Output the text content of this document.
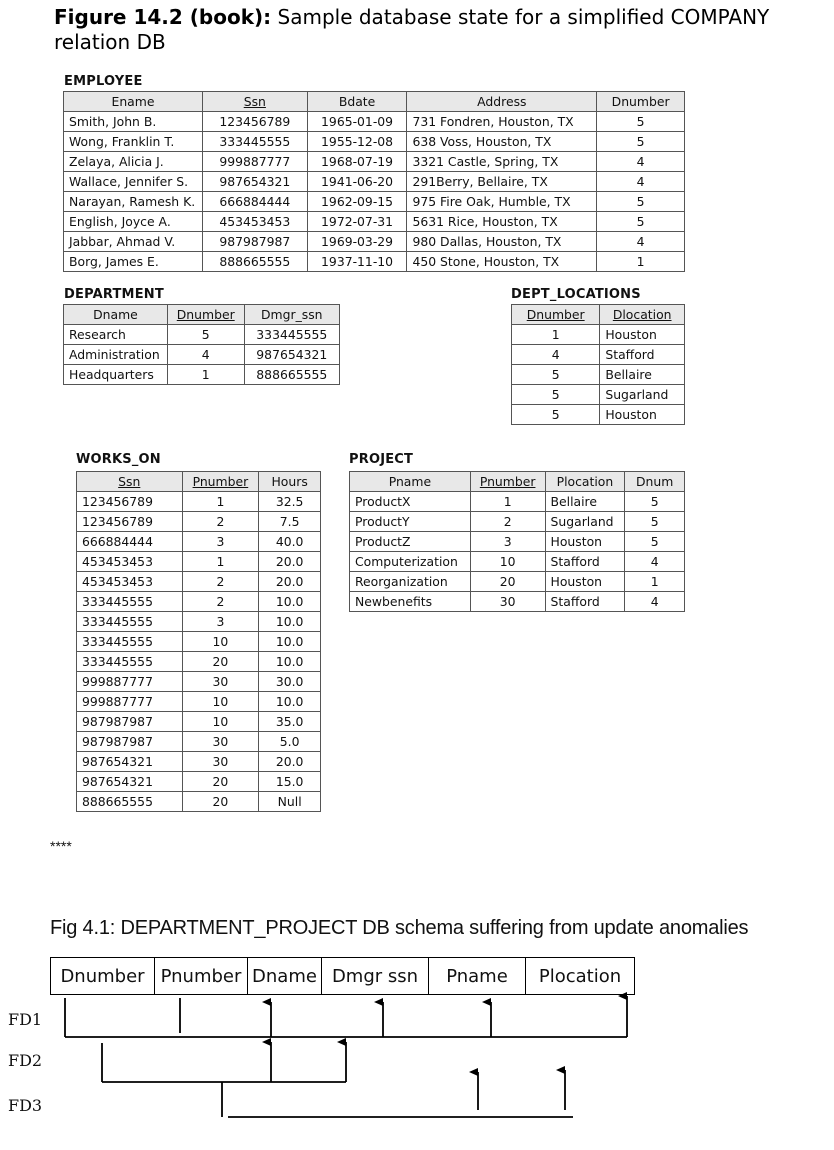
Figure 14.2 (book): Sample database state for a simplified COMPANY relation DB
EMPLOYEE
Ename	Ssn	Bdate	Address	Dnumber
Smith, John B.	123456789	1965-01-09	731 Fondren, Houston, TX	5
Wong, Franklin T.	333445555	1955-12-08	638 Voss, Houston, TX	5
Zelaya, Alicia J.	999887777	1968-07-19	3321 Castle, Spring, TX	4
Wallace, Jennifer S.	987654321	1941-06-20	291Berry, Bellaire, TX	4
Narayan, Ramesh K.	666884444	1962-09-15	975 Fire Oak, Humble, TX	5
English, Joyce A.	453453453	1972-07-31	5631 Rice, Houston, TX	5
Jabbar, Ahmad V.	987987987	1969-03-29	980 Dallas, Houston, TX	4
Borg, James E.	888665555	1937-11-10	450 Stone, Houston, TX	1
DEPARTMENT
Dname	Dnumber	Dmgr_ssn
Research	5	333445555
Administration	4	987654321
Headquarters	1	888665555
DEPT_LOCATIONS
Dnumber	Dlocation
1	Houston
4	Stafford
5	Bellaire
5	Sugarland
5	Houston
WORKS_ON
Ssn	Pnumber	Hours
123456789	1	32.5
123456789	2	7.5
666884444	3	40.0
453453453	1	20.0
453453453	2	20.0
333445555	2	10.0
333445555	3	10.0
333445555	10	10.0
333445555	20	10.0
999887777	30	30.0
999887777	10	10.0
987987987	10	35.0
987987987	30	5.0
987654321	30	20.0
987654321	20	15.0
888665555	20	Null
PROJECT
Pname	Pnumber	Plocation	Dnum
ProductX	1	Bellaire	5
ProductY	2	Sugarland	5
ProductZ	3	Houston	5
Computerization	10	Stafford	4
Reorganization	20	Houston	1
Newbenefits	30	Stafford	4
****
Fig 4.1: DEPARTMENT_PROJECT DB schema suffering from update anomalies
Dnumber Pnumber Dname Dmgr ssn	Pname	Plocation
FD1
FD2
FD3
